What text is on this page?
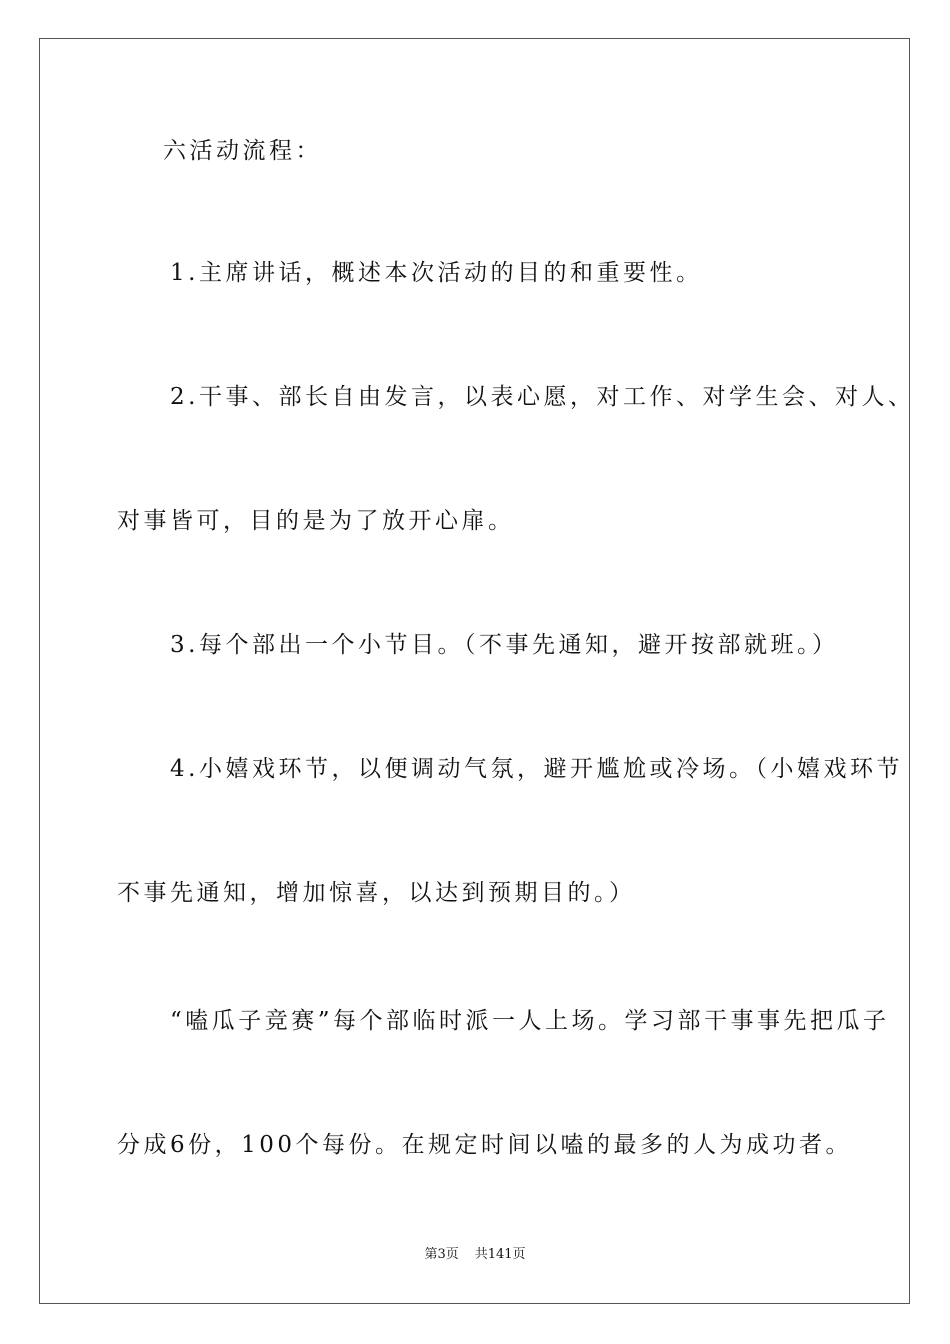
六活动流程：
1.主席讲话，概述本次活动的目的和重要性。
2.干事、部长自由发言，以表心愿，对工作、对学生会、对人、
对事皆可，目的是为了放开心扉。
3.每个部出一个小节目。（不事先通知，避开按部就班。）
4.小嬉戏环节，以便调动气氛，避开尴尬或冷场。（小嬉戏环节
不事先通知，增加惊喜，以达到预期目的。）
“嗑瓜子竞赛”每个部临时派一人上场。学习部干事事先把瓜子
分成6份，100个每份。在规定时间以嗑的最多的人为成功者。
第3页 共141页
